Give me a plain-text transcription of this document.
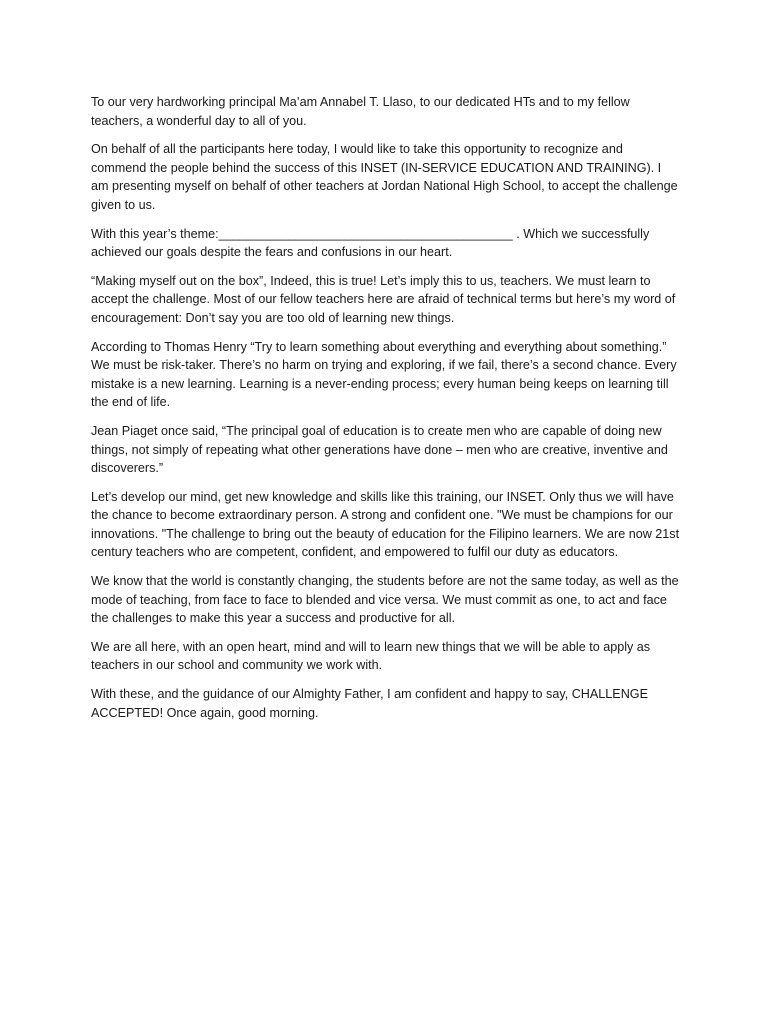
To our very hardworking principal Ma’am Annabel T. Llaso, to our dedicated HTs and to my fellow teachers, a wonderful day to all of you.

On behalf of all the participants here today, I would like to take this opportunity to recognize and commend the people behind the success of this INSET (IN-SERVICE EDUCATION AND TRAINING). I am presenting myself on behalf of other teachers at Jordan National High School, to accept the challenge given to us.

With this year’s theme:__________________________________________ . Which we successfully achieved our goals despite the fears and confusions in our heart.

“Making myself out on the box”, Indeed, this is true! Let’s imply this to us, teachers. We must learn to accept the challenge. Most of our fellow teachers here are afraid of technical terms but here’s my word of encouragement: Don’t say you are too old of learning new things.

According to Thomas Henry “Try to learn something about everything and everything about something.” We must be risk-taker. There’s no harm on trying and exploring, if we fail, there’s a second chance. Every mistake is a new learning. Learning is a never-ending process; every human being keeps on learning till the end of life.

Jean Piaget once said, “The principal goal of education is to create men who are capable of doing new things, not simply of repeating what other generations have done – men who are creative, inventive and discoverers.”

Let’s develop our mind, get new knowledge and skills like this training, our INSET. Only thus we will have the chance to become extraordinary person. A strong and confident one. "We must be champions for our innovations. "The challenge to bring out the beauty of education for the Filipino learners. We are now 21st century teachers who are competent, confident, and empowered to fulfil our duty as educators.

We know that the world is constantly changing, the students before are not the same today, as well as the mode of teaching, from face to face to blended and vice versa. We must commit as one, to act and face the challenges to make this year a success and productive for all.

We are all here, with an open heart, mind and will to learn new things that we will be able to apply as teachers in our school and community we work with.

With these, and the guidance of our Almighty Father, I am confident and happy to say, CHALLENGE ACCEPTED! Once again, good morning.
